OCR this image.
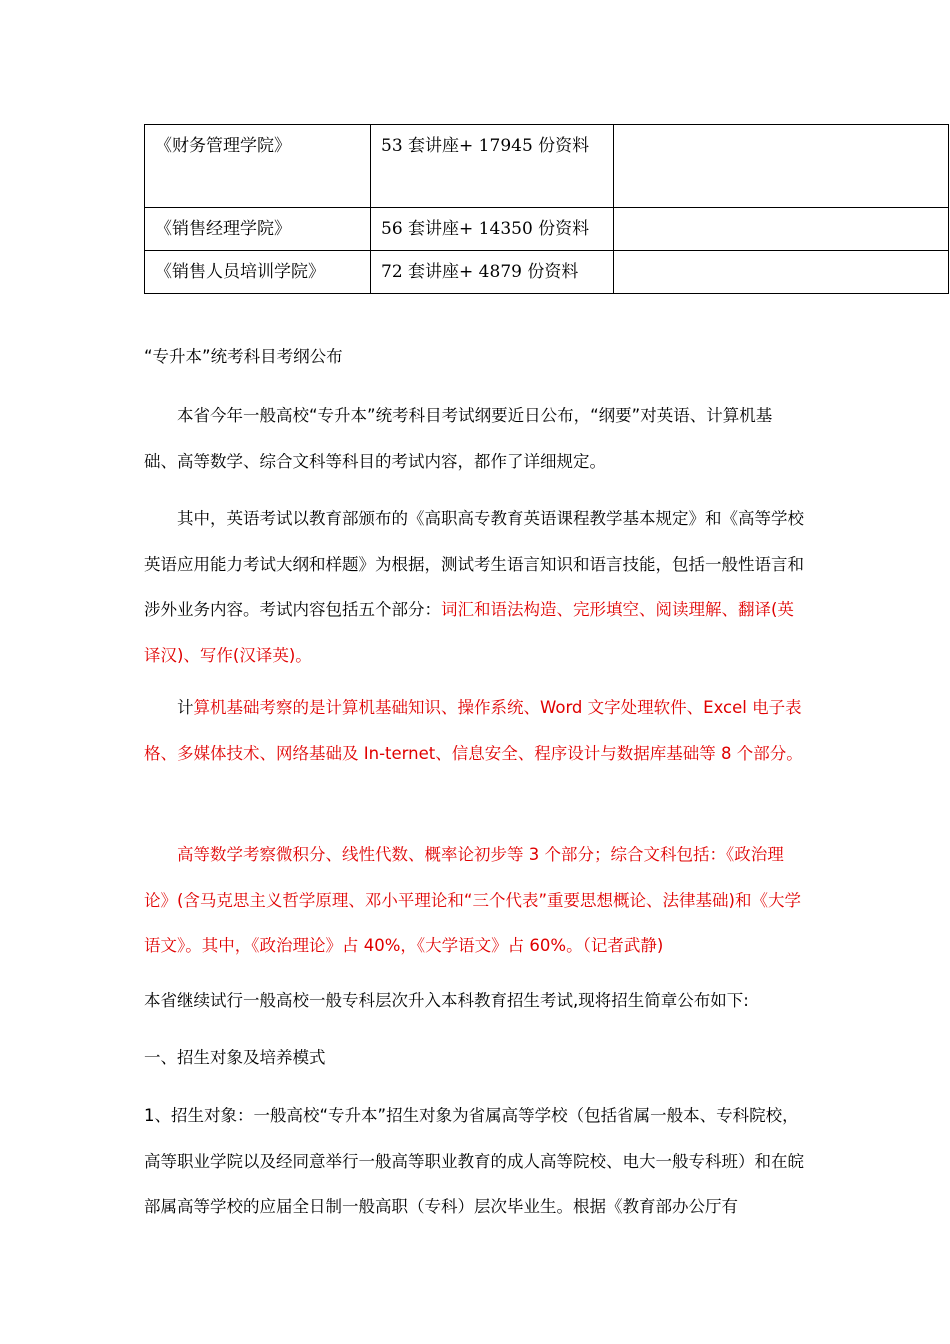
《财务管理学院》	53 套讲座+ 17945 份资料	
《销售经理学院》	56 套讲座+ 14350 份资料	
《销售人员培训学院》	72 套讲座+ 4879 份资料	

“专升本”统考科目考纲公布

本省今年一般高校“专升本”统考科目考试纲要近日公布，“纲要”对英语、计算机基础、高等数学、综合文科等科目的考试内容，都作了详细规定。

其中，英语考试以教育部颁布的《高职高专教育英语课程教学基本规定》和《高等学校英语应用能力考试大纲和样题》为根据，测试考生语言知识和语言技能，包括一般性语言和涉外业务内容。考试内容包括五个部分：词汇和语法构造、完形填空、阅读理解、翻译(英译汉)、写作(汉译英)。

计算机基础考察的是计算机基础知识、操作系统、Word 文字处理软件、Excel 电子表格、多媒体技术、网络基础及 In-ternet、信息安全、程序设计与数据库基础等 8 个部分。

高等数学考察微积分、线性代数、概率论初步等 3 个部分；综合文科包括：《政治理论》(含马克思主义哲学原理、邓小平理论和“三个代表”重要思想概论、法律基础)和《大学语文》。其中，《政治理论》占 40%，《大学语文》占 60%。（记者武静)

本省继续试行一般高校一般专科层次升入本科教育招生考试,现将招生简章公布如下:

一、招生对象及培养模式

1、招生对象：一般高校“专升本”招生对象为省属高等学校（包括省属一般本、专科院校，高等职业学院以及经同意举行一般高等职业教育的成人高等院校、电大一般专科班）和在皖部属高等学校的应届全日制一般高职（专科）层次毕业生。根据《教育部办公厅有
